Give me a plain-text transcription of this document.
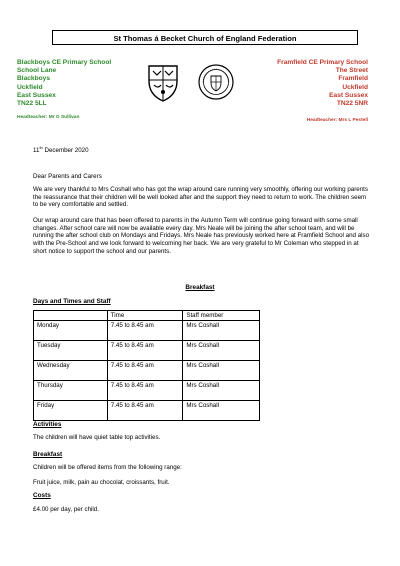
St Thomas á Becket Church of England Federation
Blackboys CE Primary School
School Lane
Blackboys
Uckfield
East Sussex
TN22 5LL
Headteacher: Mr G Sullivan
Framfield CE Primary School
The Street
Framfield
Uckfield
East Sussex
TN22 5NR
Headteacher: Mrs L Pestell
11th December 2020
Dear Parents and Carers
We are very thankful to Mrs Coshall who has got the wrap around care running very smoothly, offering our working parents the reassurance that their children will be well looked after and the support they need to return to work. The children seem to be very comfortable and settled.
Our wrap around care that has been offered to parents in the Autumn Term will continue going forward with some small changes. After school care will now be available every day. Mrs Neale will be joining the after school team, and will be running the after school club on Mondays and Fridays. Mrs Neale has previously worked here at Framfield School and also with the Pre-School and we look forward to welcoming her back. We are very grateful to Mr Coleman who stepped in at short notice to support the school and our parents.
Breakfast
Days and Times and Staff
	Time	Staff member
Monday	7.45 to 8.45 am	Mrs Coshall
Tuesday	7.45 to 8.45 am	Mrs Coshall
Wednesday	7.45 to 8.45 am	Mrs Coshall
Thursday	7.45 to 8.45 am	Mrs Coshall
Friday	7.45 to 8.45 am	Mrs Coshall
Activities
The children will have quiet table top activities.
Breakfast
Children will be offered items from the following range:
Fruit juice, milk, pain au chocolat, croissants, fruit.
Costs
£4.00 per day, per child.
